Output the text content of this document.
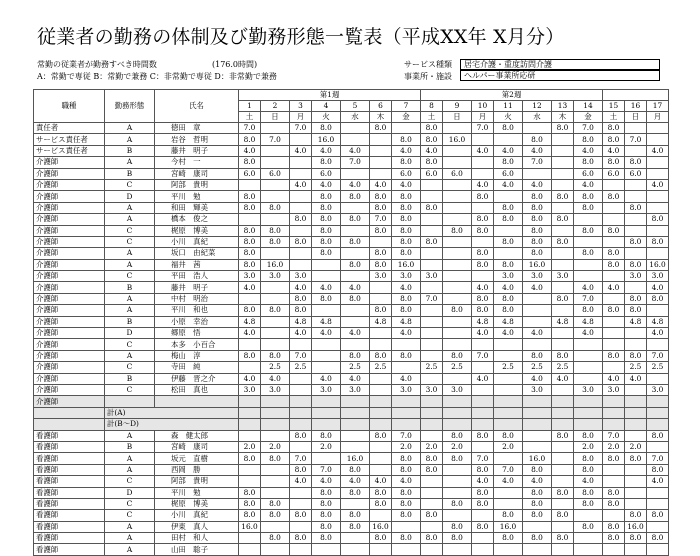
従業者の勤務の体制及び勤務形態一覧表（平成XX年 X月分）
常勤の従業者が勤務すべき時間数	(176.0時間)
A：常勤で専従 B：常勤で兼務 C：非常勤で専従 D：非常勤で兼務
サービス種類	居宅介護・重度訪問介護
事業所・施設	ヘルパー事業所応研
職種	勤務形態	氏名	第1週							第2週									
			1	2	3	4	5	6	7	8	9	10	11	12	13	14	15	16	17
			土	日	月	火	水	木	金	土	日	月	火	水	木	金	土	日	月
責任者	A	徳田　章	7.0		7.0	8.0		8.0		8.0		7.0	8.0		8.0	7.0	8.0		
サービス責任者	A	岩谷　哲明	8.0	7.0		16.0			8.0	8.0	16.0			8.0		8.0	8.0	7.0	
サービス責任者	B	藤井　明子	4.0		4.0	4.0	4.0		4.0	4.0		4.0	4.0	4.0		4.0	4.0		4.0
介護師	A	今村　一	8.0			8.0	7.0		8.0	8.0			8.0	7.0		8.0	8.0	8.0	
介護師	B	宮崎　康司	6.0	6.0		6.0			6.0	6.0	6.0		6.0			6.0	6.0	6.0	
介護師	C	阿部　貴明			4.0	4.0	4.0	4.0	4.0			4.0	4.0	4.0		4.0			4.0
介護師	D	平川　勉	8.0			8.0	8.0	8.0	8.0			8.0		8.0	8.0	8.0	8.0		
介護師	A	和田　輝美	8.0	8.0		8.0		8.0	8.0	8.0			8.0	8.0		8.0		8.0	
介護師	A	橋本　俊之			8.0	8.0	8.0	7.0	8.0			8.0	8.0	8.0	8.0				8.0
介護師	C	梶原　博美	8.0	8.0		8.0		8.0	8.0		8.0	8.0		8.0		8.0	8.0		
介護師	C	小川　真紀	8.0	8.0	8.0	8.0	8.0		8.0	8.0			8.0	8.0	8.0			8.0	8.0
介護師	A	坂口　由紀菜	8.0			8.0		8.0	8.0			8.0		8.0		8.0	8.0		
介護師	A	福井　茜	8.0	16.0			8.0	8.0	16.0			8.0	8.0	16.0			8.0	8.0	16.0
介護師	C	平田　浩人	3.0	3.0	3.0			3.0	3.0	3.0			3.0	3.0	3.0			3.0	3.0
介護師	B	藤井　明子	4.0		4.0	4.0	4.0		4.0			4.0	4.0	4.0		4.0	4.0		4.0
介護師	A	中村　明治			8.0	8.0	8.0		8.0	7.0		8.0	8.0		8.0	7.0		8.0	8.0
介護師	A	平川　和也	8.0	8.0	8.0			8.0	8.0		8.0	8.0	8.0			8.0	8.0	8.0	
介護師	B	小原　幸治	4.8		4.8	4.8		4.8	4.8			4.8	4.8		4.8	4.8		4.8	4.8
介護師	D	郷原　悟	4.0		4.0	4.0	4.0		4.0			4.0	4.0	4.0		4.0			4.0
介護師	C	本多　小百合																	
介護師	A	梅山　淳	8.0	8.0	7.0		8.0	8.0	8.0		8.0	7.0		8.0	8.0		8.0	8.0	7.0
介護師	C	寺田　純		2.5	2.5		2.5	2.5		2.5	2.5		2.5	2.5	2.5			2.5	2.5
介護師	B	伊藤　晋之介	4.0	4.0		4.0	4.0		4.0			4.0		4.0	4.0		4.0	4.0	
介護師	C	松田　真也	3.0	3.0		3.0	3.0		3.0	3.0	3.0			3.0		3.0	3.0		3.0
介護師																			
	計(A)																		
	計(B～D)																		
看護師	A	森　健太郎			8.0	8.0		8.0	7.0		8.0	8.0	8.0		8.0	8.0	7.0		8.0
看護師	B	宮崎　康司	2.0	2.0		2.0			2.0	2.0	2.0		2.0			2.0	2.0	2.0	
看護師	A	坂元　直樹	8.0	8.0	7.0		16.0		8.0	8.0	8.0	7.0		16.0		8.0	8.0	8.0	7.0
看護師	A	西岡　勝			8.0	7.0	8.0		8.0	8.0		8.0	7.0	8.0		8.0			8.0
看護師	C	阿部　貴明			4.0	4.0	4.0	4.0	4.0			4.0	4.0	4.0		4.0			4.0
看護師	D	平川　勉	8.0			8.0	8.0	8.0	8.0			8.0		8.0	8.0	8.0	8.0		
看護師	C	梶原　博美	8.0	8.0		8.0		8.0	8.0		8.0	8.0		8.0		8.0	8.0		
看護師	C	小川　真紀	8.0	8.0	8.0	8.0	8.0		8.0	8.0			8.0	8.0	8.0			8.0	8.0
看護師	A	伊東　真人	16.0			8.0	8.0	16.0			8.0	8.0	16.0			8.0	8.0	16.0	
看護師	A	田村　和人		8.0	8.0	8.0		8.0	8.0	8.0	8.0		8.0	8.0	8.0		8.0	8.0	8.0
看護師	A	山田　聡子																	
